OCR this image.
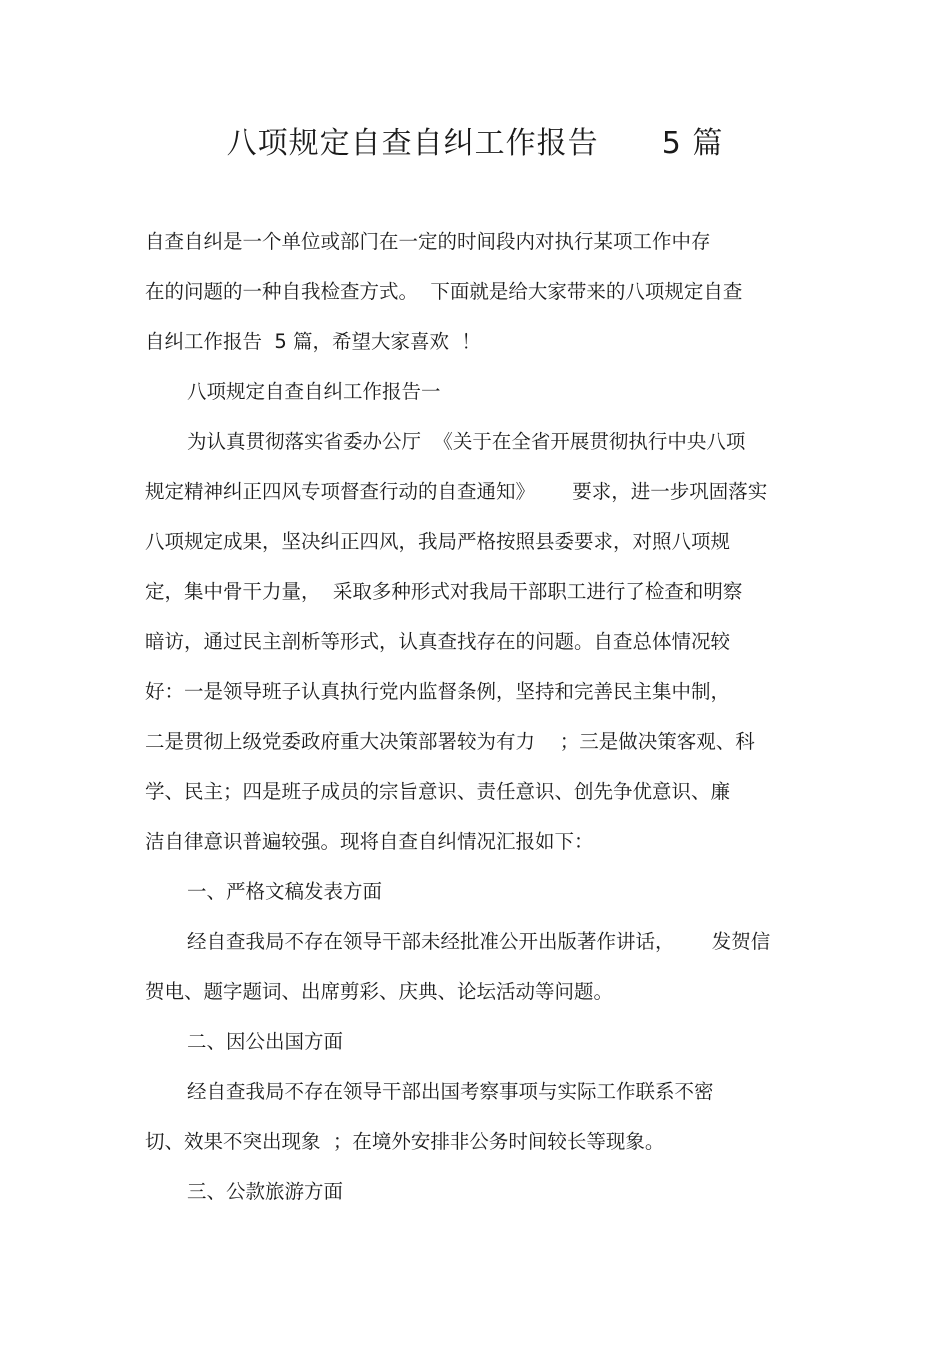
八项规定自查自纠工作报告      5 篇
自查自纠是一个单位或部门在一定的时间段内对执行某项工作中存
在的问题的一种自我检查方式。  下面就是给大家带来的八项规定自查
自纠工作报告  5 篇，希望大家喜欢  ！
八项规定自查自纠工作报告一
为认真贯彻落实省委办公厅  《关于在全省开展贯彻执行中央八项
规定精神纠正四风专项督查行动的自查通知》      要求，进一步巩固落实
八项规定成果，坚决纠正四风，我局严格按照县委要求，对照八项规
定，集中骨干力量，  采取多种形式对我局干部职工进行了检查和明察
暗访，通过民主剖析等形式，认真查找存在的问题。自查总体情况较
好：一是领导班子认真执行党内监督条例，坚持和完善民主集中制，
二是贯彻上级党委政府重大决策部署较为有力    ；三是做决策客观、科
学、民主；四是班子成员的宗旨意识、责任意识、创先争优意识、廉
洁自律意识普遍较强。现将自查自纠情况汇报如下：
一、严格文稿发表方面
经自查我局不存在领导干部未经批准公开出版著作讲话，      发贺信
贺电、题字题词、出席剪彩、庆典、论坛活动等问题。
二、因公出国方面
经自查我局不存在领导干部出国考察事项与实际工作联系不密
切、效果不突出现象  ；在境外安排非公务时间较长等现象。
三、公款旅游方面
